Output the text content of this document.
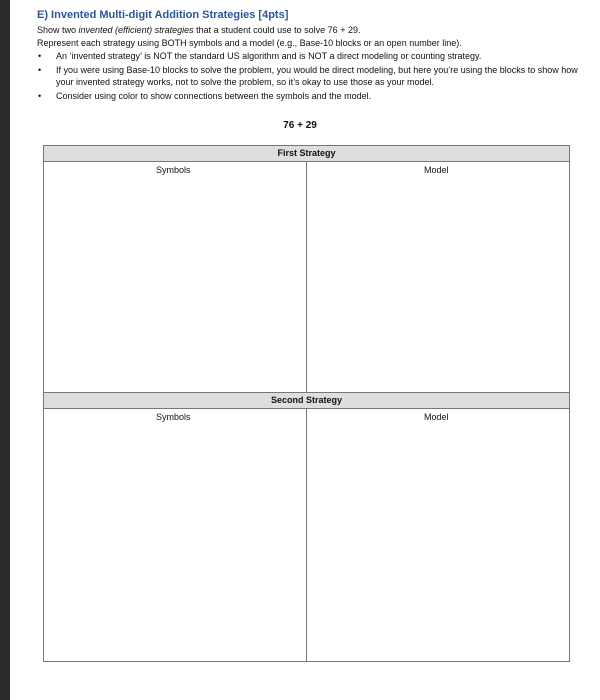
E) Invented Multi-digit Addition Strategies [4pts]

Show two invented (efficient) strategies that a student could use to solve 76 + 29.

Represent each strategy using BOTH symbols and a model (e.g., Base-10 blocks or an open number line).

• An ‘invented strategy’ is NOT the standard US algorithm and is NOT a direct modeling or counting strategy.
• If you were using Base-10 blocks to solve the problem, you would be direct modeling, but here you’re using the blocks to show how your invented strategy works, not to solve the problem, so it’s okay to use those as your model.
• Consider using color to show connections between the symbols and the model.
76 + 29
First Strategy
Symbols	Model
Second Strategy
Symbols	Model
